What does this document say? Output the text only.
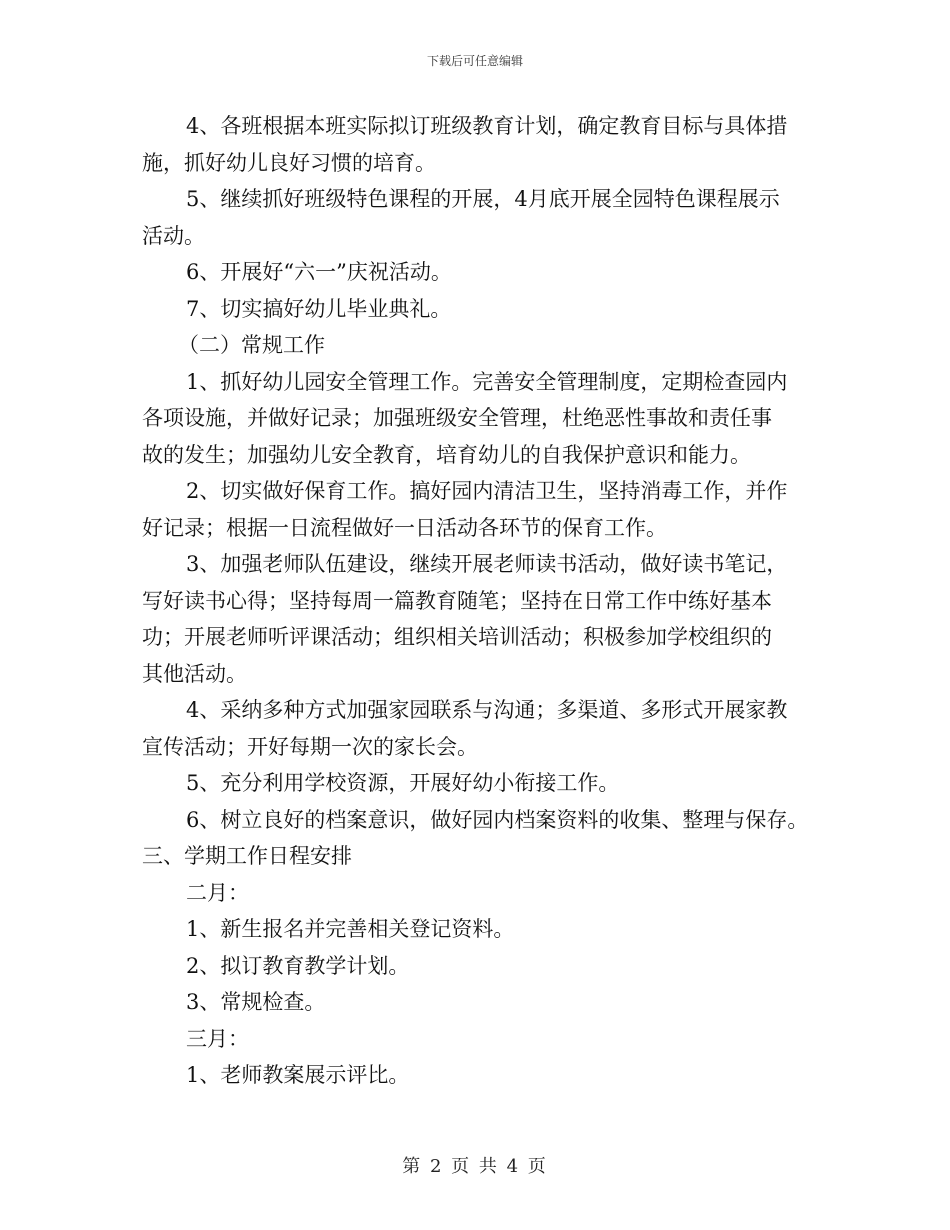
下载后可任意编辑

4、各班根据本班实际拟订班级教育计划，确定教育目标与具体措

施，抓好幼儿良好习惯的培育。

5、继续抓好班级特色课程的开展，4月底开展全园特色课程展示

活动。

6、开展好“六一”庆祝活动。

7、切实搞好幼儿毕业典礼。

（二）常规工作

1、抓好幼儿园安全管理工作。完善安全管理制度，定期检查园内

各项设施，并做好记录；加强班级安全管理，杜绝恶性事故和责任事

故的发生；加强幼儿安全教育，培育幼儿的自我保护意识和能力。

2、切实做好保育工作。搞好园内清洁卫生，坚持消毒工作，并作

好记录；根据一日流程做好一日活动各环节的保育工作。

3、加强老师队伍建设，继续开展老师读书活动，做好读书笔记，

写好读书心得；坚持每周一篇教育随笔；坚持在日常工作中练好基本

功；开展老师听评课活动；组织相关培训活动；积极参加学校组织的

其他活动。

4、采纳多种方式加强家园联系与沟通；多渠道、多形式开展家教

宣传活动；开好每期一次的家长会。

5、充分利用学校资源，开展好幼小衔接工作。

6、树立良好的档案意识，做好园内档案资料的收集、整理与保存。

三、学期工作日程安排

二月：

1、新生报名并完善相关登记资料。

2、拟订教育教学计划。

3、常规检查。

三月：

1、老师教案展示评比。

第 2 页 共 4 页
